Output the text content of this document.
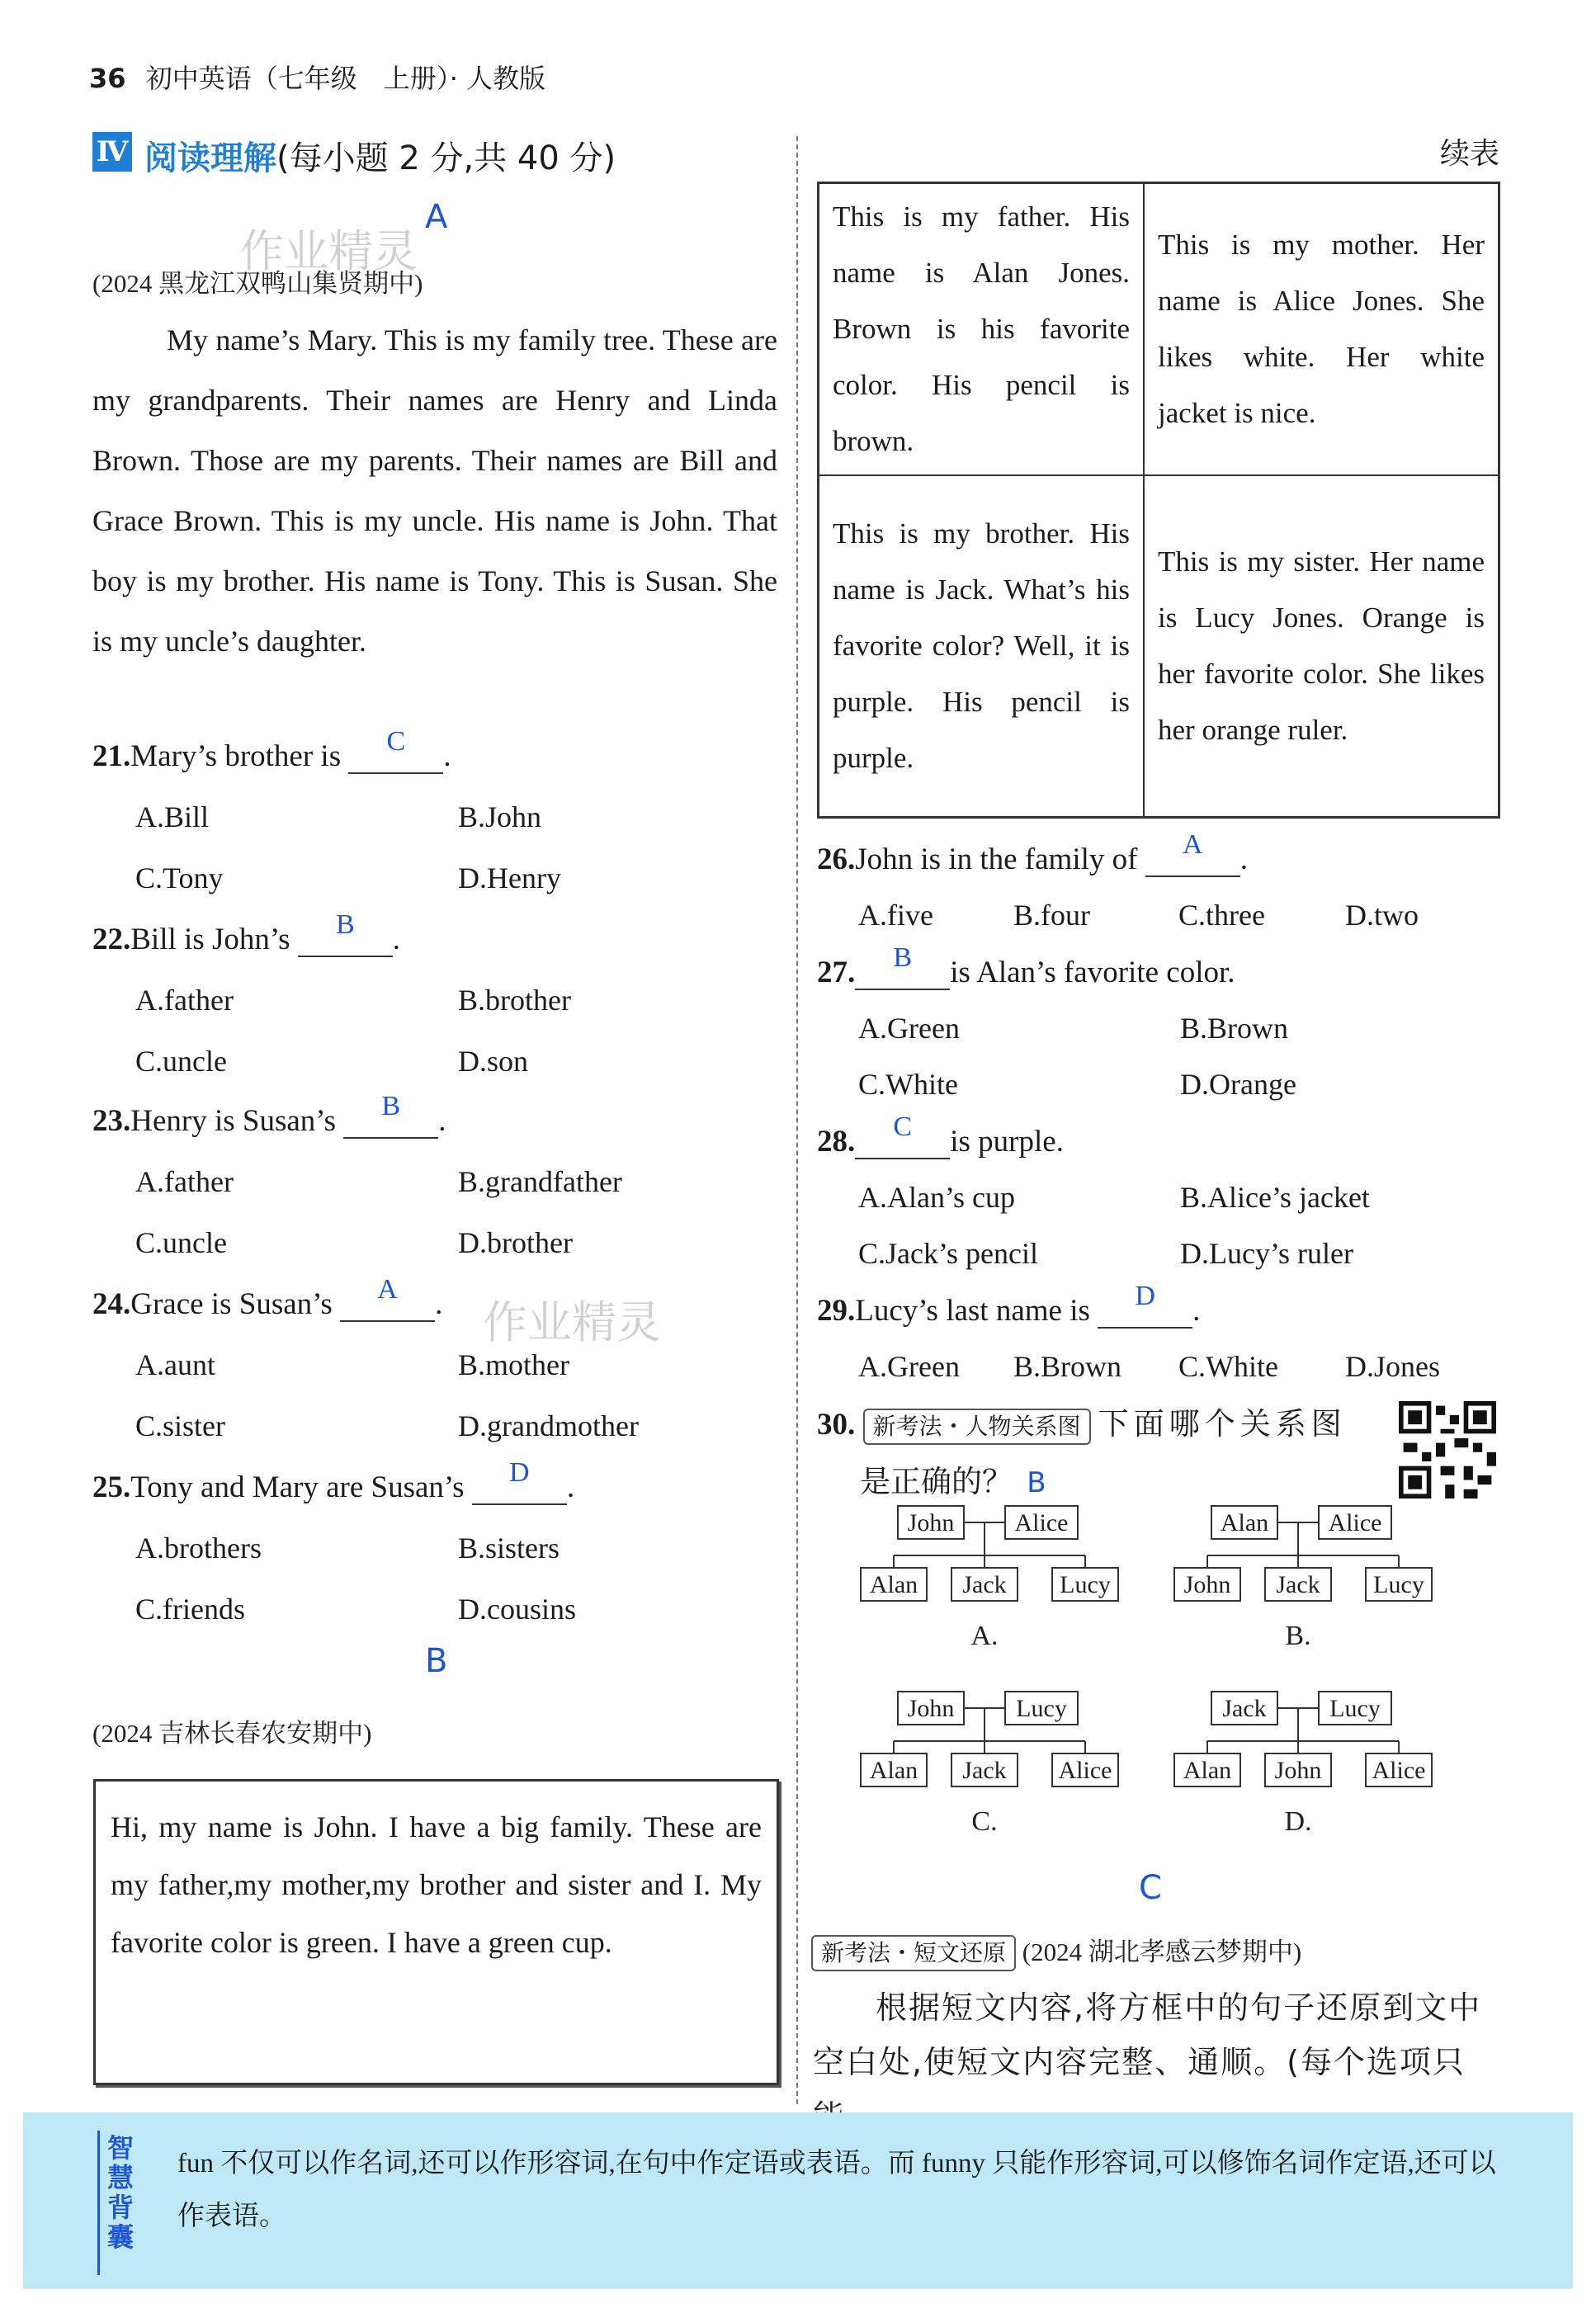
36 初中英语（七年级　上册）· 人教版
Ⅳ 阅读理解(每小题 2 分,共 40 分)
A
作业精灵
(2024 黑龙江双鸭山集贤期中)
My name’s Mary. This is my family tree. These are my grandparents. Their names are Henry and Linda Brown. Those are my parents. Their names are Bill and Grace Brown. This is my uncle. His name is John. That boy is my brother. His name is Tony. This is Susan. She is my uncle’s daughter.
21.Mary’s brother is	C	.
A.Bill	B.John
C.Tony	D.Henry
22.Bill is John’s	B	.
A.father	B.brother
C.uncle	D.son
23.Henry is Susan’s	B	.
A.father	B.grandfather
C.uncle	D.brother
24.Grace is Susan’s	A	.
A.aunt	B.mother
C.sister	D.grandmother
25.Tony and Mary are Susan’s	D	.
A.brothers	B.sisters
C.friends	D.cousins
作业精灵
B
(2024 吉林长春农安期中)

Hi, my name is John. I have a big family. These are my father,my mother,my brother and sister and I. My favorite color is green. I have a green cup.

续表
This is my father. His name is Alan Jones. Brown is his favorite color. His pencil is brown.	This is my mother. Her name is Alice Jones. She likes white. Her white jacket is nice.
This is my brother. His name is Jack. What’s his favorite color? Well, it is purple. His pencil is purple.	This is my sister. Her name is Lucy Jones. Orange is her favorite color. She likes her orange ruler.
26.John is in the family of	A	.
A.five	B.four	C.three	D.two
27.	B	is Alan’s favorite color.
A.Green	B.Brown
C.White	D.Orange
28.	C	is purple.
A.Alan’s cup	B.Alice’s jacket
C.Jack’s pencil	D.Lucy’s ruler
29.Lucy’s last name is	D	.
A.Green B.Brown C.White D.Jones
30. 新考法・人物关系图 下面哪个关系图
是正确的？ B
John Alice
Alan Jack Lucy
A.
Alan Alice
John Jack Lucy
B.
John Lucy
Alan Jack Alice
C.
Jack	Lucy
Alan John Alice
D.
C
新考法・短文还原 (2024 湖北孝感云梦期中)
根据短文内容,将方框中的句子还原到文中空白处,使短文内容完整、通顺。(每个选项只
智慧背囊
fun 不仅可以作名词,还可以作形容词,在句中作定语或表语。而 funny 只能作形容词,可以修饰名词作定语,还可以作表语。
